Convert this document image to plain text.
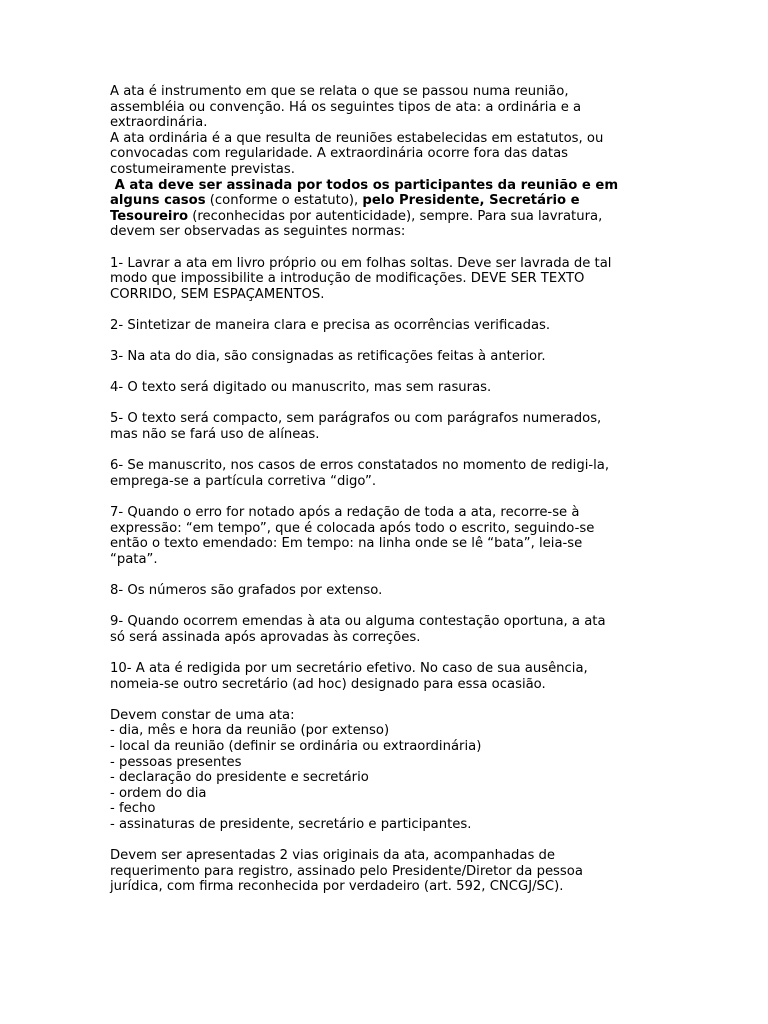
A ata é instrumento em que se relata o que se passou numa reunião,
assembléia ou convenção. Há os seguintes tipos de ata: a ordinária e a
extraordinária.
A ata ordinária é a que resulta de reuniões estabelecidas em estatutos, ou
convocadas com regularidade. A extraordinária ocorre fora das datas
costumeiramente previstas.
A ata deve ser assinada por todos os participantes da reunião e em
alguns casos (conforme o estatuto), pelo Presidente, Secretário e
Tesoureiro (reconhecidas por autenticidade), sempre. Para sua lavratura,
devem ser observadas as seguintes normas:
1- Lavrar a ata em livro próprio ou em folhas soltas. Deve ser lavrada de tal
modo que impossibilite a introdução de modificações. DEVE SER TEXTO
CORRIDO, SEM ESPAÇAMENTOS.
2- Sintetizar de maneira clara e precisa as ocorrências verificadas.
3- Na ata do dia, são consignadas as retificações feitas à anterior.
4- O texto será digitado ou manuscrito, mas sem rasuras.
5- O texto será compacto, sem parágrafos ou com parágrafos numerados,
mas não se fará uso de alíneas.
6- Se manuscrito, nos casos de erros constatados no momento de redigi-la,
emprega-se a partícula corretiva “digo”.
7- Quando o erro for notado após a redação de toda a ata, recorre-se à
expressão: “em tempo”, que é colocada após todo o escrito, seguindo-se
então o texto emendado: Em tempo: na linha onde se lê “bata”, leia-se
“pata”.
8- Os números são grafados por extenso.
9- Quando ocorrem emendas à ata ou alguma contestação oportuna, a ata
só será assinada após aprovadas às correções.
10- A ata é redigida por um secretário efetivo. No caso de sua ausência,
nomeia-se outro secretário (ad hoc) designado para essa ocasião.
Devem constar de uma ata:
- dia, mês e hora da reunião (por extenso)
- local da reunião (definir se ordinária ou extraordinária)
- pessoas presentes
- declaração do presidente e secretário
- ordem do dia
- fecho
- assinaturas de presidente, secretário e participantes.
Devem ser apresentadas 2 vias originais da ata, acompanhadas de
requerimento para registro, assinado pelo Presidente/Diretor da pessoa
jurídica, com firma reconhecida por verdadeiro (art. 592, CNCGJ/SC).
